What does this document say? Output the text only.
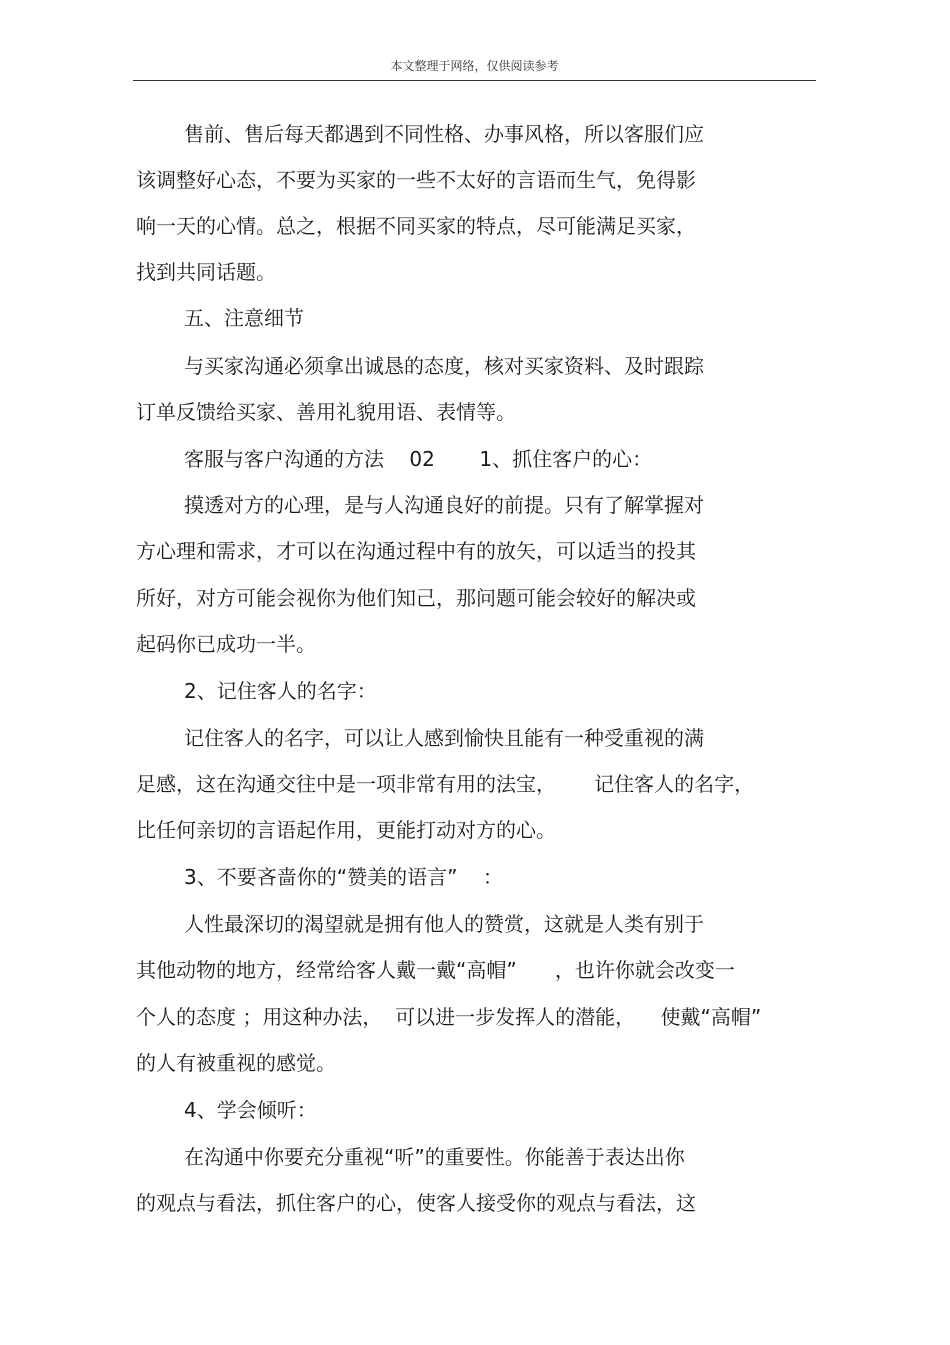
本文整理于网络，仅供阅读参考
售前、售后每天都遇到不同性格、办事风格，所以客服们应
该调整好心态，不要为买家的一些不太好的言语而生气，免得影
响一天的心情。总之，根据不同买家的特点，尽可能满足买家，
找到共同话题。
五、注意细节
与买家沟通必须拿出诚恳的态度，核对买家资料、及时跟踪
订单反馈给买家、善用礼貌用语、表情等。
客服与客户沟通的方法    02       1、抓住客户的心：
摸透对方的心理，是与人沟通良好的前提。只有了解掌握对
方心理和需求，才可以在沟通过程中有的放矢，可以适当的投其
所好，对方可能会视你为他们知己，那问题可能会较好的解决或
起码你已成功一半。
2、记住客人的名字：
记住客人的名字，可以让人感到愉快且能有一种受重视的满
足感，这在沟通交往中是一项非常有用的法宝，      记住客人的名字，
比任何亲切的言语起作用，更能打动对方的心。
3、不要吝啬你的“赞美的语言”    ：
人性最深切的渴望就是拥有他人的赞赏，这就是人类有别于
其他动物的地方，经常给客人戴一戴“高帽”      ，也许你就会改变一
个人的态度 ；用这种办法，  可以进一步发挥人的潜能，    使戴“高帽”
的人有被重视的感觉。
4、学会倾听：
在沟通中你要充分重视“听”的重要性。你能善于表达出你
的观点与看法，抓住客户的心，使客人接受你的观点与看法，这
